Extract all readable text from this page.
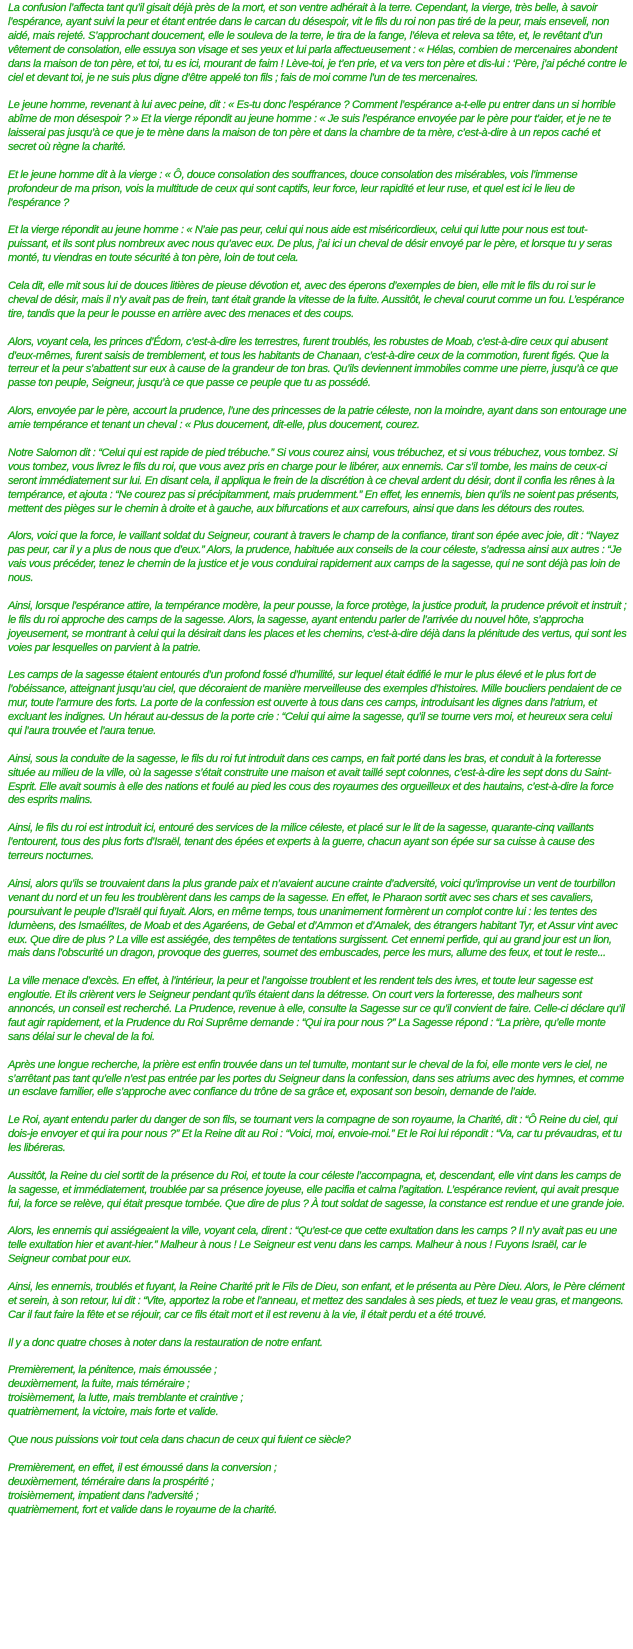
La confusion l’affecta tant qu’il gisait déjà près de la mort, et son ventre adhérait à la terre. Cependant, la vierge, très belle, à savoir l’espérance, ayant suivi la peur et étant entrée dans le carcan du désespoir, vit le fils du roi non pas tiré de la peur, mais enseveli, non aidé, mais rejeté. S’approchant doucement, elle le souleva de la terre, le tira de la fange, l’éleva et releva sa tête, et, le revêtant d’un vêtement de consolation, elle essuya son visage et ses yeux et lui parla affectueusement : « Hélas, combien de mercenaires abondent dans la maison de ton père, et toi, tu es ici, mourant de faim ! Lève-toi, je t’en prie, et va vers ton père et dis-lui : ‘Père, j’ai péché contre le ciel et devant toi, je ne suis plus digne d’être appelé ton fils ; fais de moi comme l’un de tes mercenaires.

Le jeune homme, revenant à lui avec peine, dit : « Es-tu donc l’espérance ? Comment l’espérance a-t-elle pu entrer dans un si horrible abîme de mon désespoir ? » Et la vierge répondit au jeune homme : « Je suis l’espérance envoyée par le père pour t’aider, et je ne te laisserai pas jusqu’à ce que je te mène dans la maison de ton père et dans la chambre de ta mère, c’est-à-dire à un repos caché et secret où règne la charité.

Et le jeune homme dit à la vierge : « Ô, douce consolation des souffrances, douce consolation des misérables, vois l’immense profondeur de ma prison, vois la multitude de ceux qui sont captifs, leur force, leur rapidité et leur ruse, et quel est ici le lieu de l’espérance ?

Et la vierge répondit au jeune homme : « N’aie pas peur, celui qui nous aide est miséricordieux, celui qui lutte pour nous est tout-puissant, et ils sont plus nombreux avec nous qu’avec eux. De plus, j’ai ici un cheval de désir envoyé par le père, et lorsque tu y seras monté, tu viendras en toute sécurité à ton père, loin de tout cela.

Cela dit, elle mit sous lui de douces litières de pieuse dévotion et, avec des éperons d’exemples de bien, elle mit le fils du roi sur le cheval de désir, mais il n’y avait pas de frein, tant était grande la vitesse de la fuite. Aussitôt, le cheval courut comme un fou. L’espérance tire, tandis que la peur le pousse en arrière avec des menaces et des coups.

Alors, voyant cela, les princes d’Édom, c’est-à-dire les terrestres, furent troublés, les robustes de Moab, c’est-à-dire ceux qui abusent d’eux-mêmes, furent saisis de tremblement, et tous les habitants de Chanaan, c’est-à-dire ceux de la commotion, furent figés. Que la terreur et la peur s’abattent sur eux à cause de la grandeur de ton bras. Qu’ils deviennent immobiles comme une pierre, jusqu’à ce que passe ton peuple, Seigneur, jusqu’à ce que passe ce peuple que tu as possédé.

Alors, envoyée par le père, accourt la prudence, l’une des princesses de la patrie céleste, non la moindre, ayant dans son entourage une amie tempérance et tenant un cheval : « Plus doucement, dit-elle, plus doucement, courez.

Notre Salomon dit : “Celui qui est rapide de pied trébuche.” Si vous courez ainsi, vous trébuchez, et si vous trébuchez, vous tombez. Si vous tombez, vous livrez le fils du roi, que vous avez pris en charge pour le libérer, aux ennemis. Car s’il tombe, les mains de ceux-ci seront immédiatement sur lui. En disant cela, il appliqua le frein de la discrétion à ce cheval ardent du désir, dont il confia les rênes à la tempérance, et ajouta : “Ne courez pas si précipitamment, mais prudemment.” En effet, les ennemis, bien qu’ils ne soient pas présents, mettent des pièges sur le chemin à droite et à gauche, aux bifurcations et aux carrefours, ainsi que dans les détours des routes.

Alors, voici que la force, le vaillant soldat du Seigneur, courant à travers le champ de la confiance, tirant son épée avec joie, dit : “Nayez pas peur, car il y a plus de nous que d’eux.” Alors, la prudence, habituée aux conseils de la cour céleste, s’adressa ainsi aux autres : “Je vais vous précéder, tenez le chemin de la justice et je vous conduirai rapidement aux camps de la sagesse, qui ne sont déjà pas loin de nous.

Ainsi, lorsque l’espérance attire, la tempérance modère, la peur pousse, la force protège, la justice produit, la prudence prévoit et instruit ; le fils du roi approche des camps de la sagesse. Alors, la sagesse, ayant entendu parler de l’arrivée du nouvel hôte, s’approcha joyeusement, se montrant à celui qui la désirait dans les places et les chemins, c’est-à-dire déjà dans la plénitude des vertus, qui sont les voies par lesquelles on parvient à la patrie.

Les camps de la sagesse étaient entourés d’un profond fossé d’humilité, sur lequel était édifié le mur le plus élevé et le plus fort de l’obéissance, atteignant jusqu’au ciel, que décoraient de manière merveilleuse des exemples d’histoires. Mille boucliers pendaient de ce mur, toute l’armure des forts. La porte de la confession est ouverte à tous dans ces camps, introduisant les dignes dans l’atrium, et excluant les indignes. Un héraut au-dessus de la porte crie : “Celui qui aime la sagesse, qu’il se tourne vers moi, et heureux sera celui qui l’aura trouvée et l’aura tenue.

Ainsi, sous la conduite de la sagesse, le fils du roi fut introduit dans ces camps, en fait porté dans les bras, et conduit à la forteresse située au milieu de la ville, où la sagesse s’était construite une maison et avait taillé sept colonnes, c’est-à-dire les sept dons du Saint-Esprit. Elle avait soumis à elle des nations et foulé au pied les cous des royaumes des orgueilleux et des hautains, c’est-à-dire la force des esprits malins.

Ainsi, le fils du roi est introduit ici, entouré des services de la milice céleste, et placé sur le lit de la sagesse, quarante-cinq vaillants l’entourent, tous des plus forts d’Israël, tenant des épées et experts à la guerre, chacun ayant son épée sur sa cuisse à cause des terreurs nocturnes.

Ainsi, alors qu’ils se trouvaient dans la plus grande paix et n’avaient aucune crainte d’adversité, voici qu’improvise un vent de tourbillon venant du nord et un feu les troublèrent dans les camps de la sagesse. En effet, le Pharaon sortit avec ses chars et ses cavaliers, poursuivant le peuple d’Israël qui fuyait. Alors, en même temps, tous unanimement formèrent un complot contre lui : les tentes des Idumèens, des Ismaélites, de Moab et des Agaréens, de Gebal et d’Ammon et d’Amalek, des étrangers habitant Tyr, et Assur vint avec eux. Que dire de plus ? La ville est assiégée, des tempêtes de tentations surgissent. Cet ennemi perfide, qui au grand jour est un lion, mais dans l’obscurité un dragon, provoque des guerres, soumet des embuscades, perce les murs, allume des feux, et tout le reste...

La ville menace d’excès. En effet, à l’intérieur, la peur et l’angoisse troublent et les rendent tels des ivres, et toute leur sagesse est engloutie. Et ils crièrent vers le Seigneur pendant qu’ils étaient dans la détresse. On court vers la forteresse, des malheurs sont annoncés, un conseil est recherché. La Prudence, revenue à elle, consulte la Sagesse sur ce qu’il convient de faire. Celle-ci déclare qu’il faut agir rapidement, et la Prudence du Roi Suprême demande : “Qui ira pour nous ?” La Sagesse répond : “La prière, qu’elle monte sans délai sur le cheval de la foi.

Après une longue recherche, la prière est enfin trouvée dans un tel tumulte, montant sur le cheval de la foi, elle monte vers le ciel, ne s’arrêtant pas tant qu’elle n’est pas entrée par les portes du Seigneur dans la confession, dans ses atriums avec des hymnes, et comme un esclave familier, elle s’approche avec confiance du trône de sa grâce et, exposant son besoin, demande de l’aide.

Le Roi, ayant entendu parler du danger de son fils, se tournant vers la compagne de son royaume, la Charité, dit : “Ô Reine du ciel, qui dois-je envoyer et qui ira pour nous ?” Et la Reine dit au Roi : “Voici, moi, envoie-moi.” Et le Roi lui répondit : “Va, car tu prévaudras, et tu les libéreras.

Aussitôt, la Reine du ciel sortit de la présence du Roi, et toute la cour céleste l’accompagna, et, descendant, elle vint dans les camps de la sagesse, et immédiatement, troublée par sa présence joyeuse, elle pacifia et calma l’agitation. L’espérance revient, qui avait presque fui, la force se relève, qui était presque tombée. Que dire de plus ? À tout soldat de sagesse, la constance est rendue et une grande joie.

Alors, les ennemis qui assiégeaient la ville, voyant cela, dirent : “Qu’est-ce que cette exultation dans les camps ? Il n’y avait pas eu une telle exultation hier et avant-hier.” Malheur à nous ! Le Seigneur est venu dans les camps. Malheur à nous ! Fuyons Israël, car le Seigneur combat pour eux.

Ainsi, les ennemis, troublés et fuyant, la Reine Charité prit le Fils de Dieu, son enfant, et le présenta au Père Dieu. Alors, le Père clément et serein, à son retour, lui dit : “Vite, apportez la robe et l’anneau, et mettez des sandales à ses pieds, et tuez le veau gras, et mangeons. Car il faut faire la fête et se réjouir, car ce fils était mort et il est revenu à la vie, il était perdu et a été trouvé.

Il y a donc quatre choses à noter dans la restauration de notre enfant.

Premièrement, la pénitence, mais émoussée ;
deuxièmement, la fuite, mais téméraire ;
troisièmement, la lutte, mais tremblante et craintive ;
quatrièmement, la victoire, mais forte et valide.

Que nous puissions voir tout cela dans chacun de ceux qui fuient ce siècle?

Premièrement, en effet, il est émoussé dans la conversion ;
deuxièmement, téméraire dans la prospérité ;
troisièmement, impatient dans l’adversité ;
quatrièmement, fort et valide dans le royaume de la charité.
